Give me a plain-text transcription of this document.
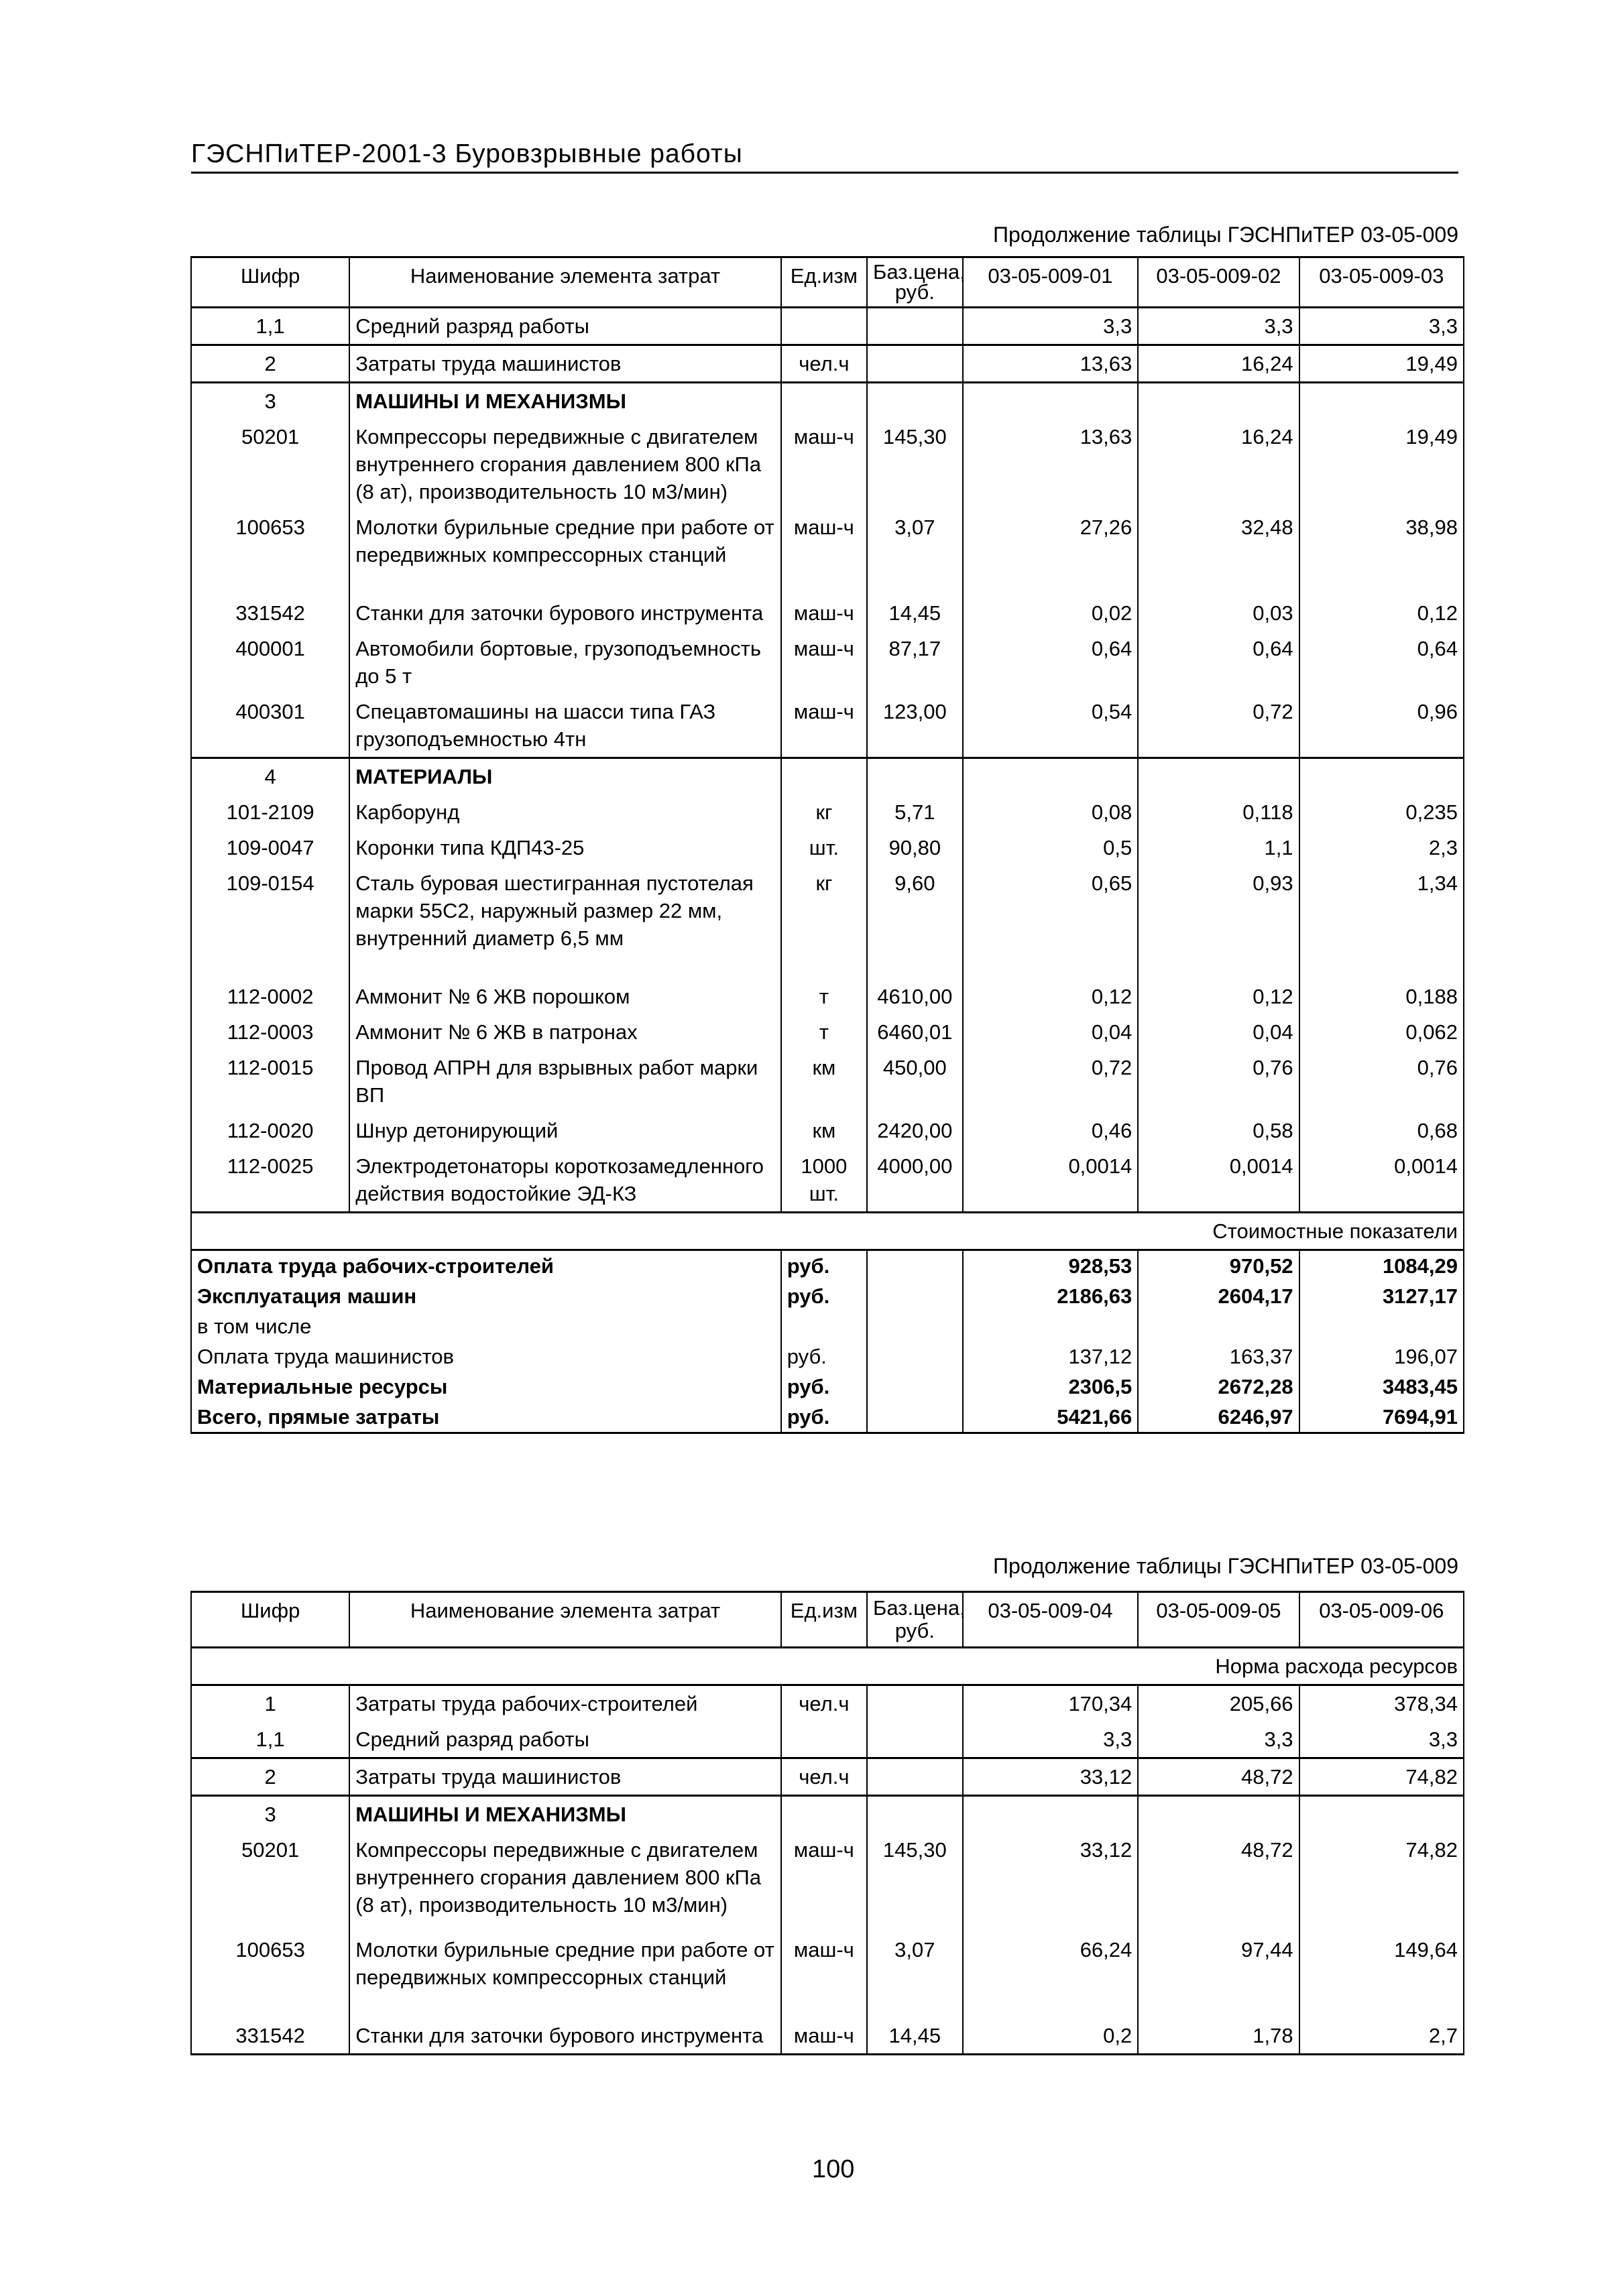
ГЭСНПиТЕР-2001-3 Буровзрывные работы
Продолжение таблицы ГЭСНПиТЕР 03-05-009
Шифр	Наименование элемента затрат	Ед.изм	Баз.цена, руб.	03-05-009-01	03-05-009-02	03-05-009-03
1,1	Средний разряд работы			3,3	3,3	3,3
2	Затраты труда машинистов	чел.ч		13,63	16,24	19,49
3	МАШИНЫ И МЕХАНИЗМЫ					
50201	Компрессоры передвижные с двигателем внутреннего сгорания давлением 800 кПа (8 ат), производительность 10 м3/мин)	маш-ч	145,30	13,63	16,24	19,49
100653	Молотки бурильные средние при работе от передвижных компрессорных станций	маш-ч	3,07	27,26	32,48	38,98
331542	Станки для заточки бурового инструмента	маш-ч	14,45	0,02	0,03	0,12
400001	Автомобили бортовые, грузоподъемность до 5 т	маш-ч	87,17	0,64	0,64	0,64
400301	Спецавтомашины на шасси типа ГАЗ грузоподъемностью 4тн	маш-ч	123,00	0,54	0,72	0,96
4	МАТЕРИАЛЫ					
101-2109	Карборунд	кг	5,71	0,08	0,118	0,235
109-0047	Коронки типа КДП43-25	шт.	90,80	0,5	1,1	2,3
109-0154	Сталь буровая шестигранная пустотелая марки 55С2, наружный размер 22 мм, внутренний диаметр 6,5 мм	кг	9,60	0,65	0,93	1,34
112-0002	Аммонит № 6 ЖВ порошком	т	4610,00	0,12	0,12	0,188
112-0003	Аммонит № 6 ЖВ в патронах	т	6460,01	0,04	0,04	0,062
112-0015	Провод АПРН для взрывных работ марки ВП	км	450,00	0,72	0,76	0,76
112-0020	Шнур детонирующий	км	2420,00	0,46	0,58	0,68
112-0025	Электродетонаторы короткозамедленного действия водостойкие ЭД-КЗ	1000 шт.	4000,00	0,0014	0,0014	0,0014
Стоимостные показатели						
Оплата труда рабочих-строителей		руб.		928,53	970,52	1084,29
Эксплуатация машин		руб.		2186,63	2604,17	3127,17
в том числе						
Оплата труда машинистов		руб.		137,12	163,37	196,07
Материальные ресурсы		руб.		2306,5	2672,28	3483,45
Всего, прямые затраты		руб.		5421,66	6246,97	7694,91
Продолжение таблицы ГЭСНПиТЕР 03-05-009
Шифр	Наименование элемента затрат	Ед.изм	Баз.цена, руб.	03-05-009-04	03-05-009-05	03-05-009-06
Норма расхода ресурсов						
1	Затраты труда рабочих-строителей	чел.ч		170,34	205,66	378,34
1,1	Средний разряд работы			3,3	3,3	3,3
2	Затраты труда машинистов	чел.ч		33,12	48,72	74,82
3	МАШИНЫ И МЕХАНИЗМЫ					
50201	Компрессоры передвижные с двигателем внутреннего сгорания давлением 800 кПа (8 ат), производительность 10 м3/мин)	маш-ч	145,30	33,12	48,72	74,82
100653	Молотки бурильные средние при работе от передвижных компрессорных станций	маш-ч	3,07	66,24	97,44	149,64
331542	Станки для заточки бурового инструмента	маш-ч	14,45	0,2	1,78	2,7
100
